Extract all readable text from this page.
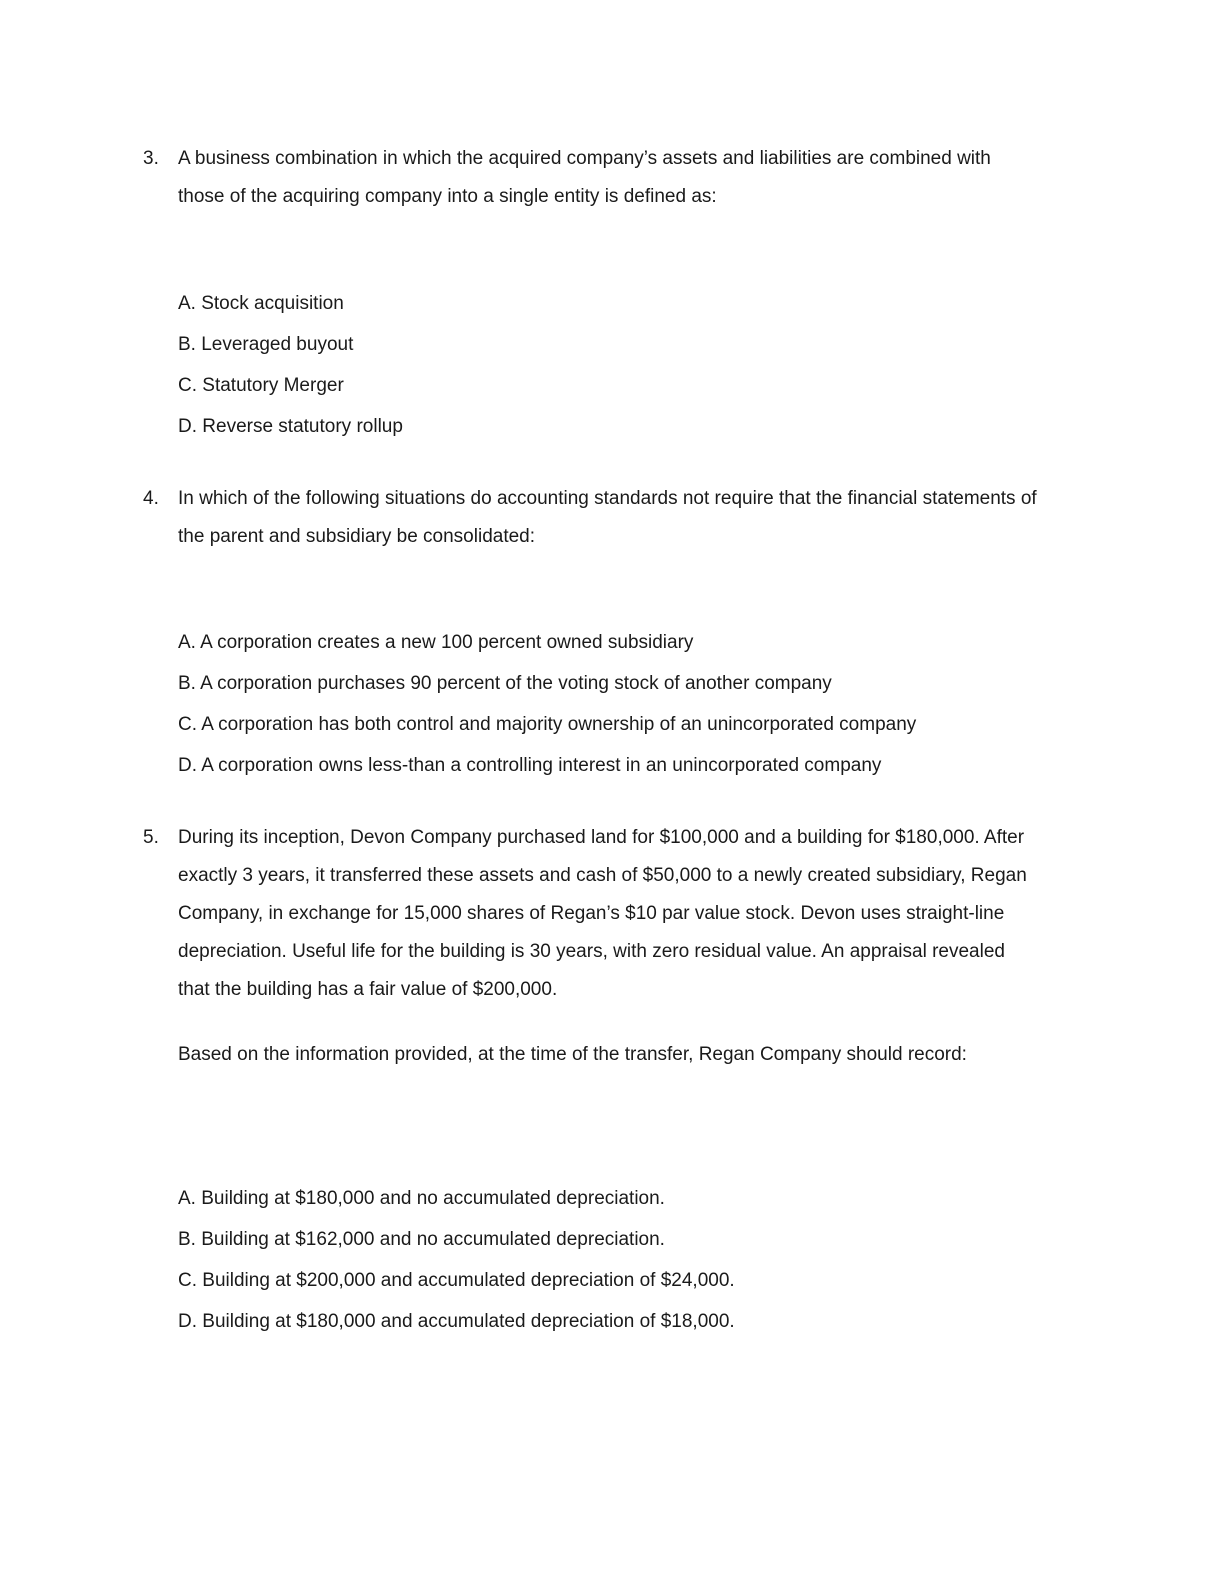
3. A business combination in which the acquired company’s assets and liabilities are combined with those of the acquiring company into a single entity is defined as:
A. Stock acquisition
B. Leveraged buyout
C. Statutory Merger
D. Reverse statutory rollup
4. In which of the following situations do accounting standards not require that the financial statements of the parent and subsidiary be consolidated:
A. A corporation creates a new 100 percent owned subsidiary
B. A corporation purchases 90 percent of the voting stock of another company
C. A corporation has both control and majority ownership of an unincorporated company
D. A corporation owns less-than a controlling interest in an unincorporated company
5. During its inception, Devon Company purchased land for $100,000 and a building for $180,000. After exactly 3 years, it transferred these assets and cash of $50,000 to a newly created subsidiary, Regan Company, in exchange for 15,000 shares of Regan’s $10 par value stock. Devon uses straight-line depreciation. Useful life for the building is 30 years, with zero residual value. An appraisal revealed that the building has a fair value of $200,000.
Based on the information provided, at the time of the transfer, Regan Company should record:
A. Building at $180,000 and no accumulated depreciation.
B. Building at $162,000 and no accumulated depreciation.
C. Building at $200,000 and accumulated depreciation of $24,000.
D. Building at $180,000 and accumulated depreciation of $18,000.
